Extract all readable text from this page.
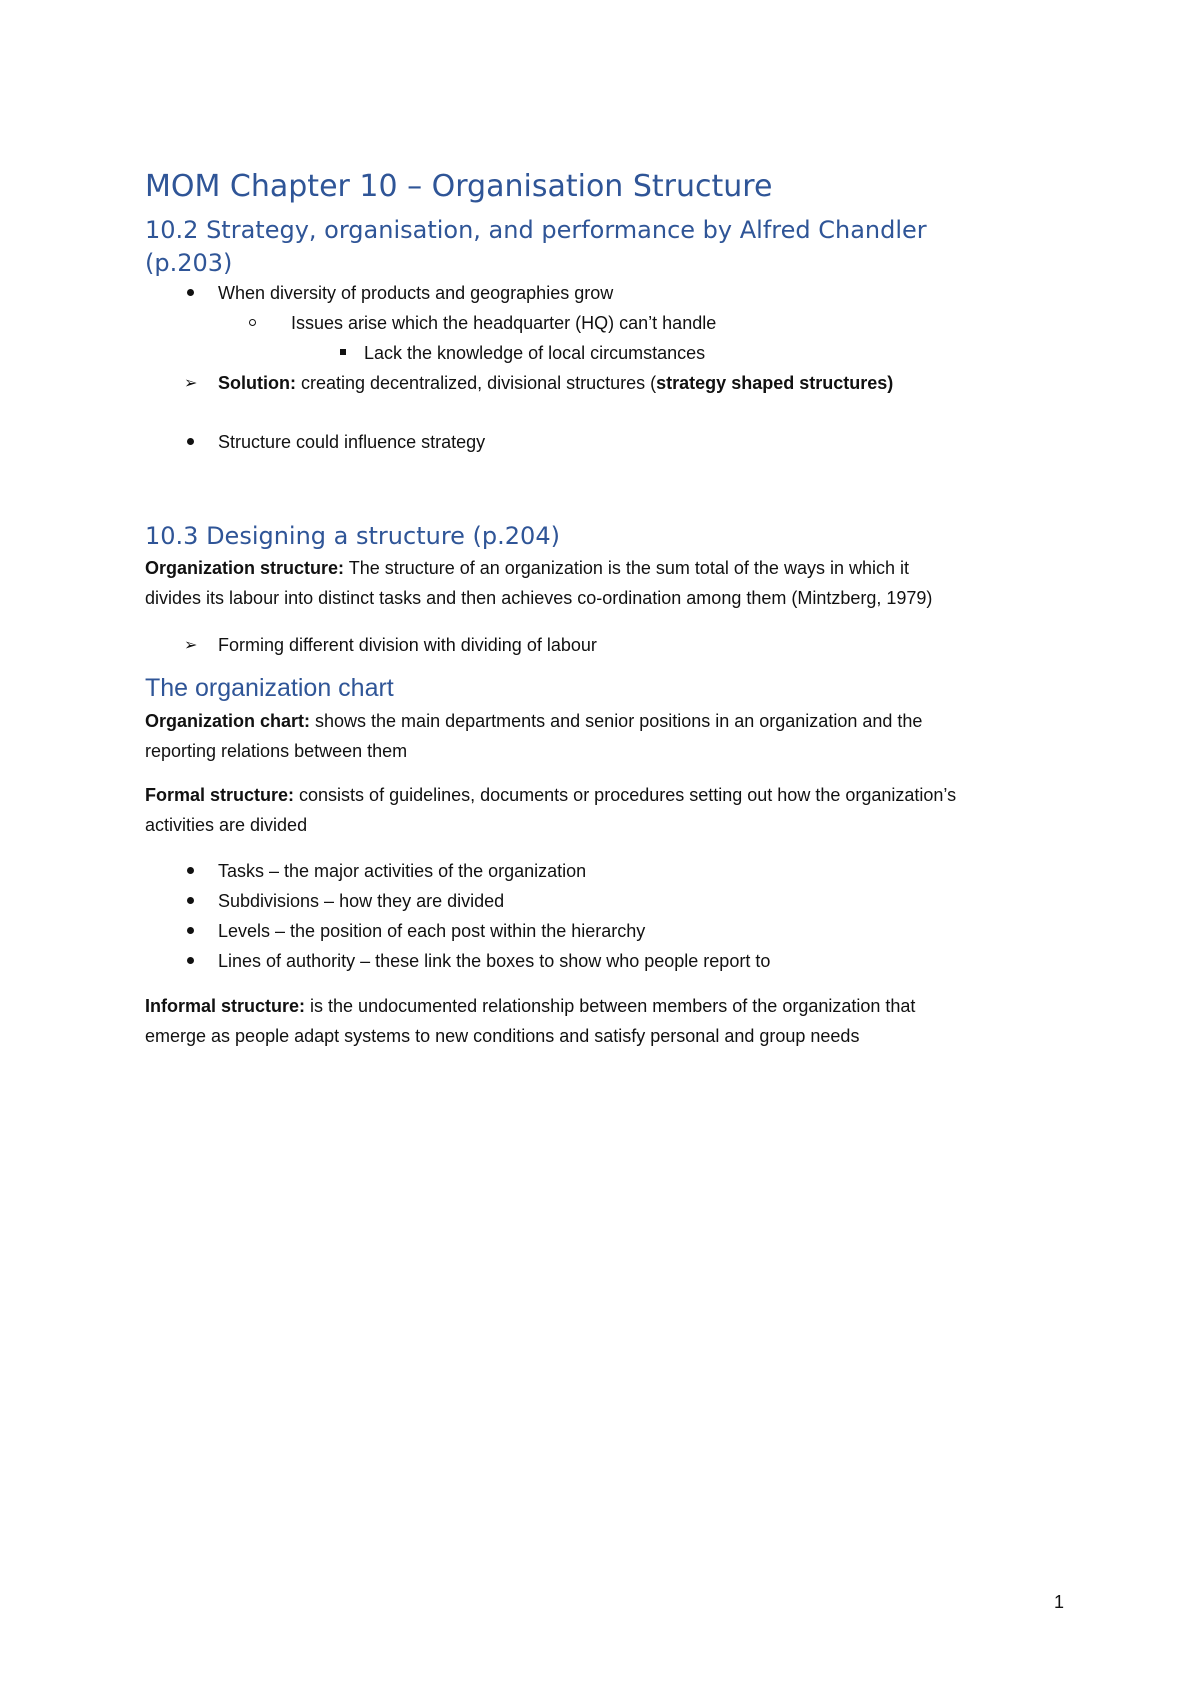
MOM Chapter 10 – Organisation Structure
10.2 Strategy, organisation, and performance by Alfred Chandler
(p.203)
When diversity of products and geographies grow
Issues arise which the headquarter (HQ) can’t handle
Lack the knowledge of local circumstances
➢ Solution: creating decentralized, divisional structures (strategy shaped structures)
Structure could influence strategy
10.3 Designing a structure (p.204)
Organization structure: The structure of an organization is the sum total of the ways in which it
divides its labour into distinct tasks and then achieves co-ordination among them (Mintzberg, 1979)
➢ Forming different division with dividing of labour
The organization chart
Organization chart: shows the main departments and senior positions in an organization and the
reporting relations between them
Formal structure: consists of guidelines, documents or procedures setting out how the organization’s
activities are divided
Tasks – the major activities of the organization
Subdivisions – how they are divided
Levels – the position of each post within the hierarchy
Lines of authority – these link the boxes to show who people report to
Informal structure: is the undocumented relationship between members of the organization that
emerge as people adapt systems to new conditions and satisfy personal and group needs
1
